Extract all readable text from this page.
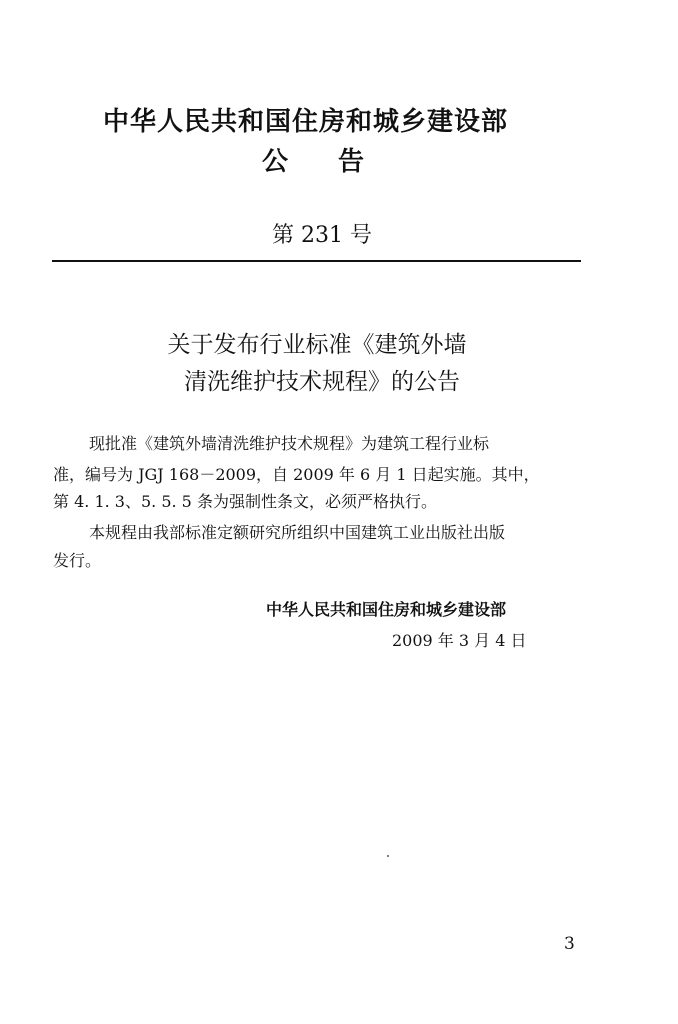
中华人民共和国住房和城乡建设部
公告
第 231 号
关于发布行业标准《建筑外墙
清洗维护技术规程》的公告
现批准《建筑外墙清洗维护技术规程》为建筑工程行业标
准，编号为 JGJ 168－2009，自 2009 年 6 月 1 日起实施。其中，
第 4. 1. 3、5. 5. 5 条为强制性条文，必须严格执行。
本规程由我部标准定额研究所组织中国建筑工业出版社出版
发行。
中华人民共和国住房和城乡建设部
2009 年 3 月 4 日
3
